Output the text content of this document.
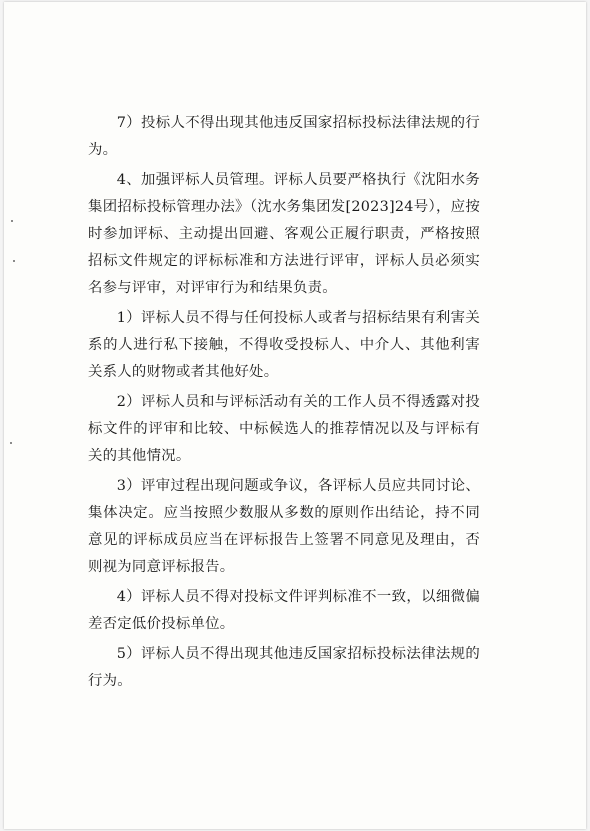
7）投标人不得出现其他违反国家招标投标法律法规的行为。

4、加强评标人员管理。评标人员要严格执行《沈阳水务集团招标投标管理办法》（沈水务集团发[2023]24号），应按时参加评标、主动提出回避、客观公正履行职责，严格按照招标文件规定的评标标准和方法进行评审，评标人员必须实名参与评审，对评审行为和结果负责。

1）评标人员不得与任何投标人或者与招标结果有利害关系的人进行私下接触，不得收受投标人、中介人、其他利害关系人的财物或者其他好处。

2）评标人员和与评标活动有关的工作人员不得透露对投标文件的评审和比较、中标候选人的推荐情况以及与评标有关的其他情况。

3）评审过程出现问题或争议，各评标人员应共同讨论、集体决定。应当按照少数服从多数的原则作出结论，持不同意见的评标成员应当在评标报告上签署不同意见及理由，否则视为同意评标报告。

4）评标人员不得对投标文件评判标准不一致，以细微偏差否定低价投标单位。

5）评标人员不得出现其他违反国家招标投标法律法规的行为。
